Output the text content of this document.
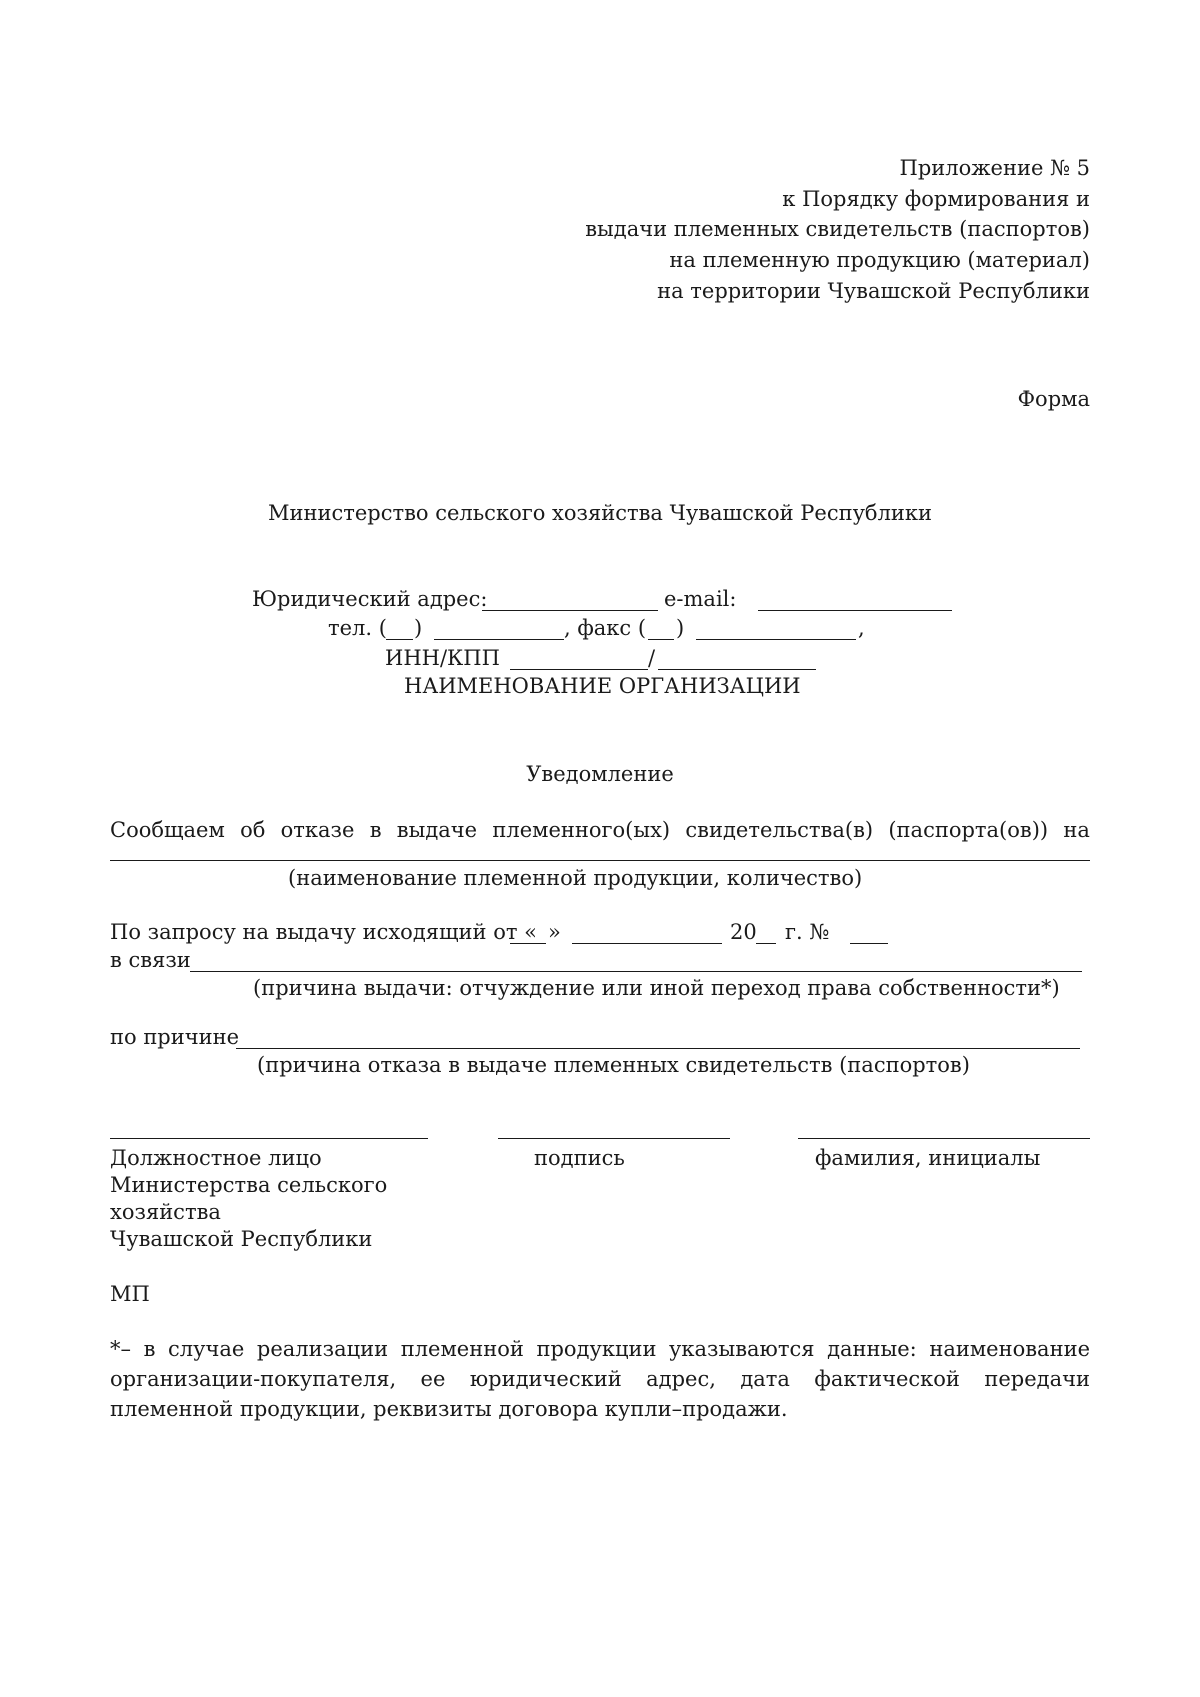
Приложение № 5
к Порядку формирования и
выдачи племенных свидетельств (паспортов)
на племенную продукцию (материал)
на территории Чувашской Республики
Форма
Министерство сельского хозяйства Чувашской Республики
Юридический адрес:	e-mail:
тел. ( )	, факс ( )	,
ИНН/КПП	/
НАИМЕНОВАНИЕ ОРГАНИЗАЦИИ
Уведомление
Сообщаем об отказе в выдаче племенного(ых) свидетельства(в) (паспорта(ов)) на
(наименование племенной продукции, количество)
По запросу на выдачу исходящий от « »	20 г. №
в связи
(причина выдачи: отчуждение или иной переход права собственности*)
по причине
(причина отказа в выдаче племенных свидетельств (паспортов)
Должностное лицо
Министерства сельского
хозяйства
Чувашской Республики
подпись	фамилия, инициалы
МП
*– в случае реализации племенной продукции указываются данные: наименование организации-покупателя, ее юридический адрес, дата фактической передачи племенной продукции, реквизиты договора купли–продажи.
